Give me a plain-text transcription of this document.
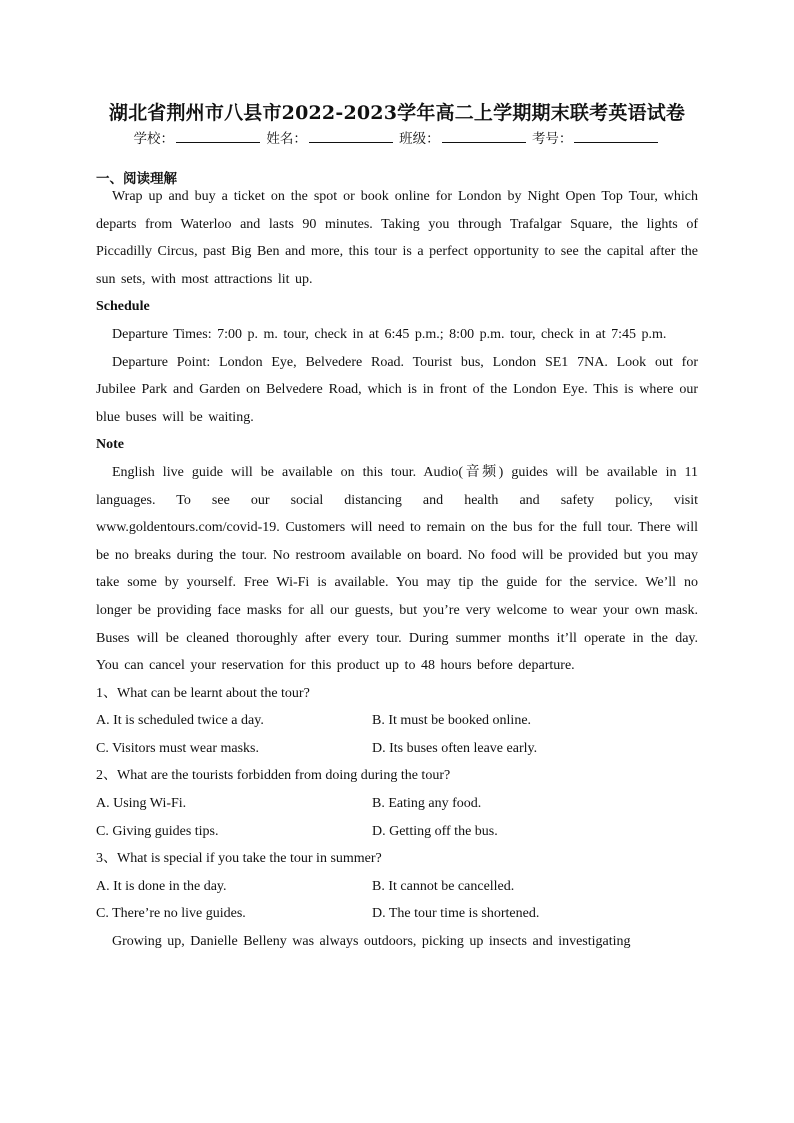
湖北省荆州市八县市2022-2023学年高二上学期期末联考英语试卷
学校：	姓名：	班级：	考号：
一、阅读理解

Wrap up and buy a ticket on the spot or book online for London by Night Open Top Tour, which departs from Waterloo and lasts 90 minutes. Taking you through Trafalgar Square, the lights of Piccadilly Circus, past Big Ben and more, this tour is a perfect opportunity to see the capital after the sun sets, with most attractions lit up.

Schedule

Departure Times: 7:00 p. m. tour, check in at 6:45 p.m.; 8:00 p.m. tour, check in at 7:45 p.m.

Departure Point: London Eye, Belvedere Road. Tourist bus, London SE1 7NA. Look out for Jubilee Park and Garden on Belvedere Road, which is in front of the London Eye. This is where our blue buses will be waiting.

Note

English live guide will be available on this tour. Audio(音频) guides will be available in 11 languages. To see our social distancing and health and safety policy, visit www.goldentours.com/covid-19. Customers will need to remain on the bus for the full tour. There will be no breaks during the tour. No restroom available on board. No food will be provided but you may take some by yourself. Free Wi-Fi is available. You may tip the guide for the service. We’ll no longer be providing face masks for all our guests, but you’re very welcome to wear your own mask. Buses will be cleaned thoroughly after every tour. During summer months it’ll operate in the day. You can cancel your reservation for this product up to 48 hours before departure.

1、What can be learnt about the tour?

A. It is scheduled twice a day.	B. It must be booked online.
C. Visitors must wear masks.	D. Its buses often leave early.

2、What are the tourists forbidden from doing during the tour?

A. Using Wi-Fi.	B. Eating any food.
C. Giving guides tips.	D. Getting off the bus.

3、What is special if you take the tour in summer?

A. It is done in the day.	B. It cannot be cancelled.
C. There’re no live guides.	D. The tour time is shortened.

Growing up, Danielle Belleny was always outdoors, picking up insects and investigating
